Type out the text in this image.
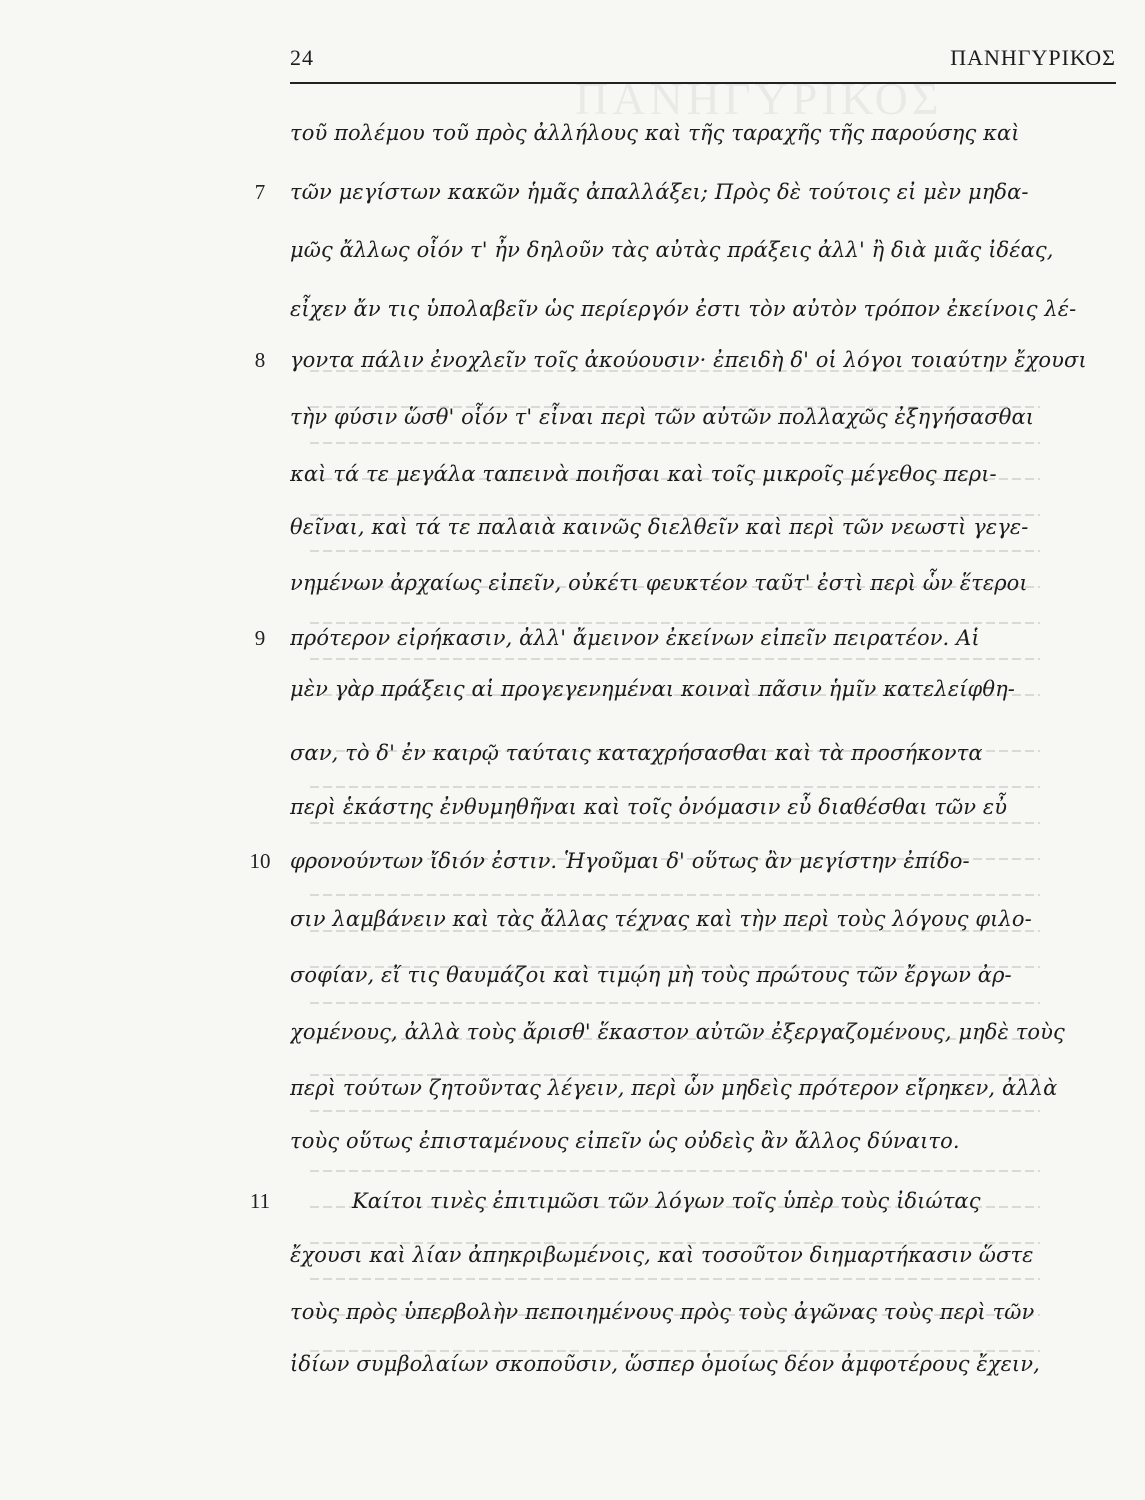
ΠΑΝΗΓΥΡΙΚΟΣ
24	ΠΑΝΗΓΥΡΙΚΟΣ
τοῦ πολέμου τοῦ πρὸς ἀλλήλους καὶ τῆς ταραχῆς τῆς παρούσης καὶ
7	τῶν μεγίστων κακῶν ἡμᾶς ἀπαλλάξει; Πρὸς δὲ τούτοις εἰ μὲν μηδα-
μῶς ἄλλως οἷόν τ' ἦν δηλοῦν τὰς αὐτὰς πράξεις ἀλλ' ἢ διὰ μιᾶς ἰδέας,
εἶχεν ἄν τις ὑπολαβεῖν ὡς περίεργόν ἐστι τὸν αὐτὸν τρόπον ἐκείνοις λέ-
8	γοντα πάλιν ἐνοχλεῖν τοῖς ἀκούουσιν· ἐπειδὴ δ' οἱ λόγοι τοιαύτην ἔχουσι
τὴν φύσιν ὥσθ' οἷόν τ' εἶναι περὶ τῶν αὐτῶν πολλαχῶς ἐξηγήσασθαι
καὶ τά τε μεγάλα ταπεινὰ ποιῆσαι καὶ τοῖς μικροῖς μέγεθος περι-
θεῖναι, καὶ τά τε παλαιὰ καινῶς διελθεῖν καὶ περὶ τῶν νεωστὶ γεγε-
νημένων ἀρχαίως εἰπεῖν, οὐκέτι φευκτέον ταῦτ' ἐστὶ περὶ ὧν ἕτεροι
9	πρότερον εἰρήκασιν, ἀλλ' ἄμεινον ἐκείνων εἰπεῖν πειρατέον. Αἱ
μὲν γὰρ πράξεις αἱ προγεγενημέναι κοιναὶ πᾶσιν ἡμῖν κατελείφθη-
σαν, τὸ δ' ἐν καιρῷ ταύταις καταχρήσασθαι καὶ τὰ προσήκοντα
περὶ ἑκάστης ἐνθυμηθῆναι καὶ τοῖς ὀνόμασιν εὖ διαθέσθαι τῶν εὖ
10 φρονούντων ἴδιόν ἐστιν. Ἡγοῦμαι δ' οὕτως ἂν μεγίστην ἐπίδο-
σιν λαμβάνειν καὶ τὰς ἄλλας τέχνας καὶ τὴν περὶ τοὺς λόγους φιλο-
σοφίαν, εἴ τις θαυμάζοι καὶ τιμῴη μὴ τοὺς πρώτους τῶν ἔργων ἀρ-
χομένους, ἀλλὰ τοὺς ἄρισθ' ἕκαστον αὐτῶν ἐξεργαζομένους, μηδὲ τοὺς
περὶ τούτων ζητοῦντας λέγειν, περὶ ὧν μηδεὶς πρότερον εἴρηκεν, ἀλλὰ
τοὺς οὕτως ἐπισταμένους εἰπεῖν ὡς οὐδεὶς ἂν ἄλλος δύναιτο.
11	Καίτοι τινὲς ἐπιτιμῶσι τῶν λόγων τοῖς ὑπὲρ τοὺς ἰδιώτας
ἔχουσι καὶ λίαν ἀπηκριβωμένοις, καὶ τοσοῦτον διημαρτήκασιν ὥστε
τοὺς πρὸς ὑπερβολὴν πεποιημένους πρὸς τοὺς ἀγῶνας τοὺς περὶ τῶν
ἰδίων συμβολαίων σκοποῦσιν, ὥσπερ ὁμοίως δέον ἀμφοτέρους ἔχειν,
